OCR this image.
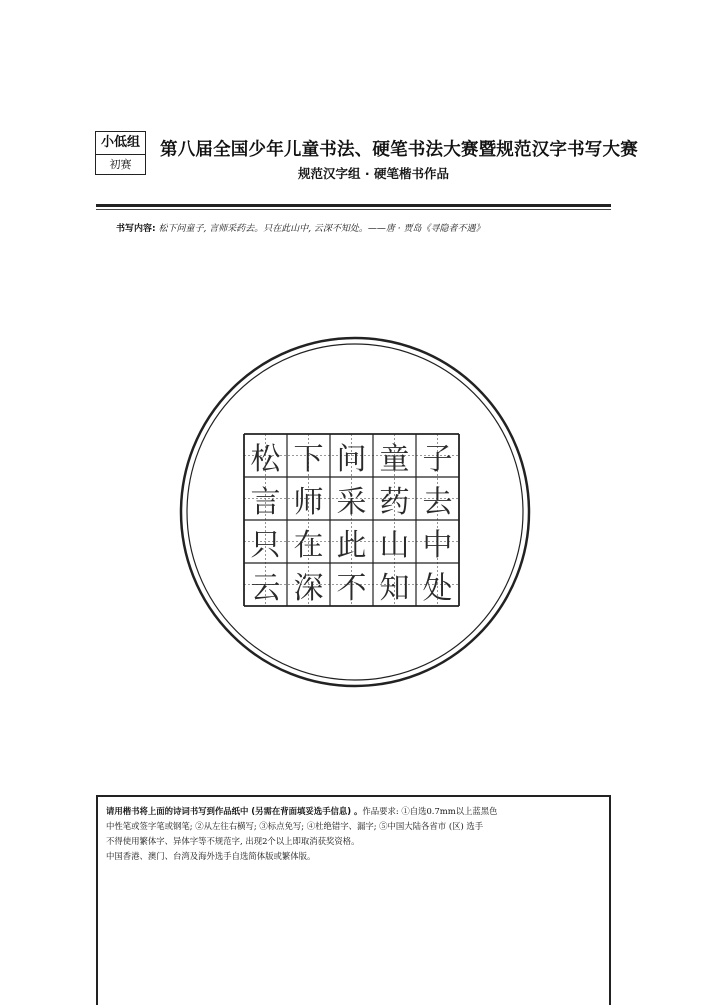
小低组
初赛
第八届全国少年儿童书法、硬笔书法大赛暨规范汉字书写大赛
规范汉字组 · 硬笔楷书作品
书写内容: 松下问童子, 言师采药去。只在此山中, 云深不知处。——唐 · 贾岛《寻隐者不遇》
松 下 问 童 子
言 师 采 药 去
只 在 此 山 中
云 深 不 知 处
请用楷书将上面的诗词书写到作品纸中 (另需在背面填妥选手信息) 。作品要求: ①自选0.7mm以上蓝黑色
中性笔或签字笔或钢笔; ②从左往右横写; ③标点免写; ④杜绝错字、漏字; ⑤中国大陆各省市 (区) 选手
不得使用繁体字、异体字等不规范字, 出现2个以上即取消获奖资格。
中国香港、澳门、台湾及海外选手自选简体版或繁体版。
